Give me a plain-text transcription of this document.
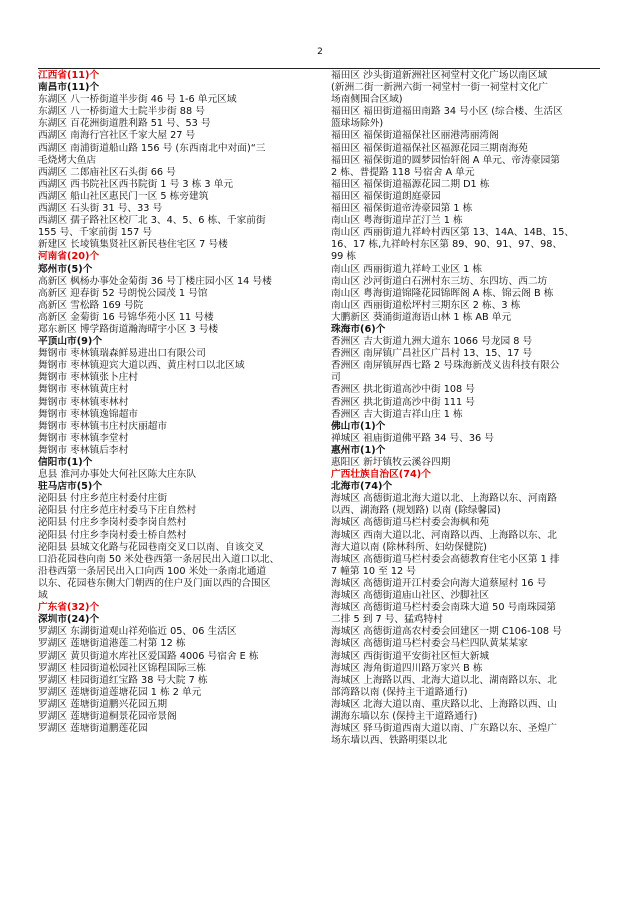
2
江西省(11)个
南昌市(11)个
东湖区 八一桥街道半步街 46 号 1-6 单元区域
东湖区 八一桥街道大士院半步街 88 号
东湖区 百花洲街道胜利路 51 号、53 号
西湖区 南海行宫社区千家大屋 27 号
西湖区 南浦街道船山路 156 号 (东西南北中对面)“三
毛烧烤大鱼店
西湖区 二郎庙社区石头街 66 号
西湖区 西书院社区西书院街 1 号 3 栋 3 单元
西湖区 船山社区惠民门一区 5 栋旁建筑
西湖区 石头街 31 号、33 号
西湖区 孺子路社区校厂北 3、4、5、6 栋、千家前街
155 号、千家前街 157 号
新建区 长堎镇集贤社区新民巷住宅区 7 号楼
河南省(20)个
郑州市(5)个
高新区 枫杨办事处金菊街 36 号丁楼庄园小区 14 号楼
高新区 迎春街 52 号朗悦公园茂 1 号馆
高新区 雪松路 169 号院
高新区 金菊街 16 号锦华苑小区 11 号楼
郑东新区 博学路街道瀚海晴宇小区 3 号楼
平顶山市(9)个
舞钢市 枣林镇瑞森鲜易进出口有限公司
舞钢市 枣林镇迎宾大道以西、黄庄村口以北区域
舞钢市 枣林镇张卜庄村
舞钢市 枣林镇黄庄村
舞钢市 枣林镇枣林村
舞钢市 枣林镇逸锦超市
舞钢市 枣林镇韦庄村庆丽超市
舞钢市 枣林镇李堂村
舞钢市 枣林镇后李村
信阳市(1)个
息县 淮河办事处大何社区陈大庄东队
驻马店市(5)个
泌阳县 付庄乡范庄村委付庄街
泌阳县 付庄乡范庄村委马下庄自然村
泌阳县 付庄乡李岗村委李岗自然村
泌阳县 付庄乡李岗村委士桥自然村
泌阳县 县城文化路与花园巷南交叉口以南、自该交叉
口沿花园巷向南 50 米处巷西第一条居民出入道口以北、
沿巷西第一条居民出入口向西 100 米处一条南北通道
以东、花园巷东侧大门朝西的住户及门面以西的合围区
域
广东省(32)个
深圳市(24)个
罗湖区 东湖街道观山祥苑临近 05、06 生活区
罗湖区 莲塘街道港莲二村第 12 栋
罗湖区 黄贝街道水库社区爱国路 4006 号宿舍 E 栋
罗湖区 桂园街道松园社区锦程国际三栋
罗湖区 桂园街道红宝路 38 号大院 7 栋
罗湖区 莲塘街道莲塘花园 1 栋 2 单元
罗湖区 莲塘街道鹏兴花园五期
罗湖区 莲塘街道桐景花园帝景阁
罗湖区 莲塘街道鹏莲花园
福田区 沙头街道新洲社区祠堂村文化广场以南区域
(新洲二街一新洲六街一祠堂村一街一祠堂村文化广
场南侧围合区域)
福田区 福田街道福田南路 34 号小区 (综合楼、生活区
篮球场除外)
福田区 福保街道福保社区丽港湾丽湾阁
福田区 福保街道福保社区福源花园三期南海苑
福田区 福保街道的圆梦园怡轩阁 A 单元、帝涛豪园第
2 栋、普提路 118 号宿舍 A 单元
福田区 福保街道福源花园二期 D1 栋
福田区 福保街道朗庭豪园
福田区 福保街道帝涛豪园第 1 栋
南山区 粤海街道岸芷汀兰 1 栋
南山区 西丽街道九祥岭村西区第 13、14A、14B、15、
16、17 栋,九祥岭村东区第 89、90、91、97、98、
99 栋
南山区 西丽街道九祥岭工业区 1 栋
南山区 沙河街道白石洲村东三坊、东四坊、西二坊
南山区 粤海街道锦隆花园锦晖阁 A 栋、锦云阁 B 栋
南山区 西丽街道松坪村三期东区 2 栋、3 栋
大鹏新区 葵涌街道海语山林 1 栋 AB 单元
珠海市(6)个
香洲区 吉大街道九洲大道东 1066 号龙园 8 号
香洲区 南屏镇广昌社区广昌村 13、15、17 号
香洲区 南屏镇屏西七路 2 号珠海新茂义齿科技有限公
司
香洲区 拱北街道高沙中街 108 号
香洲区 拱北街道高沙中街 111 号
香洲区 吉大街道吉祥山庄 1 栋
佛山市(1)个
禅城区 祖庙街道佛平路 34 号、36 号
惠州市(1)个
惠阳区 新圩镇牧云溪谷四期
广西壮族自治区(74)个
北海市(74)个
海城区 高德街道北海大道以北、上海路以东、河南路
以西、湖海路 (规划路) 以南 (除绿馨园)
海城区 高德街道马栏村委会海枫和苑
海城区 西南大道以北、河南路以西、上海路以东、北
海大道以南 (除林科所、妇幼保健院)
海城区 高德街道马栏村委会高德教育住宅小区第 1 排
7 幢第 10 至 12 号
海城区 高德街道开江村委会向海大道蔡屋村 16 号
海城区 高德街道庙山社区、沙脚社区
海城区 高德街道马栏村委会南珠大道 50 号南珠园第
二排 5 到 7 号、猛鸡特村
海城区 高德街道高农村委会回建区一期 C106-108 号
海城区 高德街道马栏村委会马栏四队黄某某家
海城区 西街街道平安街社区恒大新城
海城区 海角街道四川路万家兴 B 栋
海城区 上海路以西、北海大道以北、湖南路以东、北
部湾路以南 (保持主干道路通行)
海城区 北海大道以南、重庆路以北、上海路以西、山
湖海东墙以东 (保持主干道路通行)
海城区 驿马街道西南大道以南、广东路以东、圣煌广
场东墙以西、铁路明渠以北
